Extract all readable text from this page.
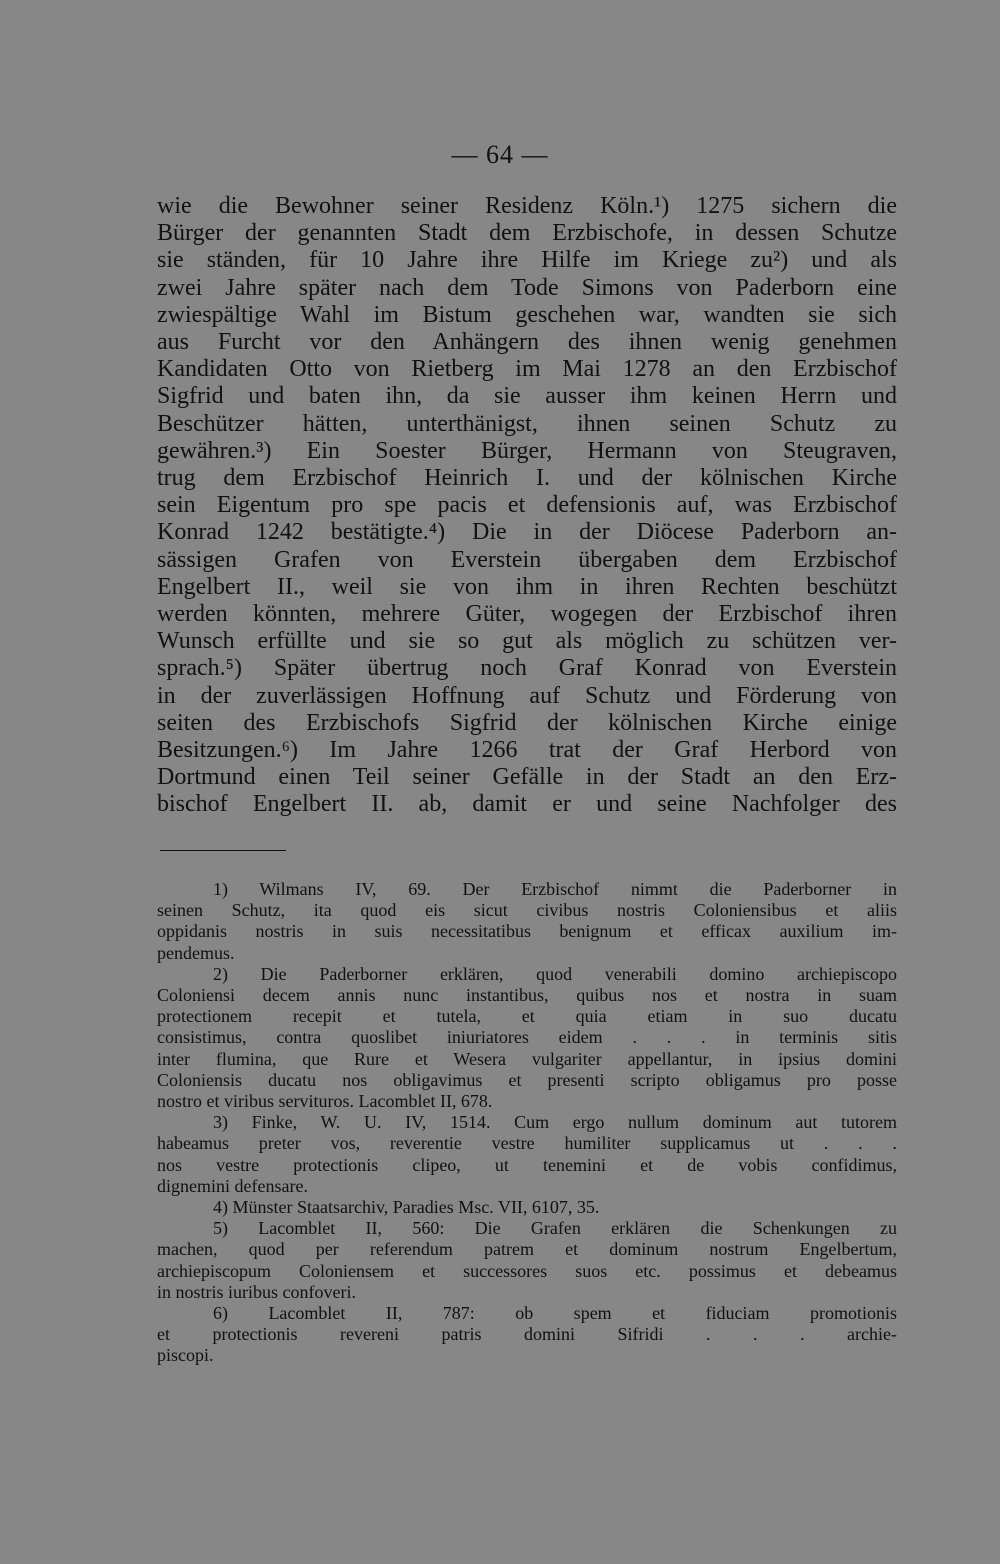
— 64 —
wie die Bewohner seiner Residenz Köln.¹) 1275 sichern die
Bürger der genannten Stadt dem Erzbischofe, in dessen Schutze
sie ständen, für 10 Jahre ihre Hilfe im Kriege zu²) und als
zwei Jahre später nach dem Tode Simons von Paderborn eine
zwiespältige Wahl im Bistum geschehen war, wandten sie sich
aus Furcht vor den Anhängern des ihnen wenig genehmen
Kandidaten Otto von Rietberg im Mai 1278 an den Erzbischof
Sigfrid und baten ihn, da sie ausser ihm keinen Herrn und
Beschützer hätten, unterthänigst, ihnen seinen Schutz zu
gewähren.³) Ein Soester Bürger, Hermann von Steugraven,
trug dem Erzbischof Heinrich I. und der kölnischen Kirche
sein Eigentum pro spe pacis et defensionis auf, was Erzbischof
Konrad 1242 bestätigte.⁴) Die in der Diöcese Paderborn an-
sässigen Grafen von Everstein übergaben dem Erzbischof
Engelbert II., weil sie von ihm in ihren Rechten beschützt
werden könnten, mehrere Güter, wogegen der Erzbischof ihren
Wunsch erfüllte und sie so gut als möglich zu schützen ver-
sprach.⁵) Später übertrug noch Graf Konrad von Everstein
in der zuverlässigen Hoffnung auf Schutz und Förderung von
seiten des Erzbischofs Sigfrid der kölnischen Kirche einige
Besitzungen.⁶) Im Jahre 1266 trat der Graf Herbord von
Dortmund einen Teil seiner Gefälle in der Stadt an den Erz-
bischof Engelbert II. ab, damit er und seine Nachfolger des
1) Wilmans IV, 69. Der Erzbischof nimmt die Paderborner in
seinen Schutz, ita quod eis sicut civibus nostris Coloniensibus et aliis
oppidanis nostris in suis necessitatibus benignum et efficax auxilium im-
pendemus.
2) Die Paderborner erklären, quod venerabili domino archiepiscopo
Coloniensi decem annis nunc instantibus, quibus nos et nostra in suam
protectionem recepit et tutela, et quia etiam in suo ducatu
consistimus, contra quoslibet iniuriatores eidem . . . in terminis sitis
inter flumina, que Rure et Wesera vulgariter appellantur, in ipsius domini
Coloniensis ducatu nos obligavimus et presenti scripto obligamus pro posse
nostro et viribus servituros. Lacomblet II, 678.
3) Finke, W. U. IV, 1514. Cum ergo nullum dominum aut tutorem
habeamus preter vos, reverentie vestre humiliter supplicamus ut . . .
nos vestre protectionis clipeo, ut tenemini et de vobis confidimus,
dignemini defensare.
4) Münster Staatsarchiv, Paradies Msc. VII, 6107, 35.
5) Lacomblet II, 560: Die Grafen erklären die Schenkungen zu
machen, quod per referendum patrem et dominum nostrum Engelbertum,
archiepiscopum Coloniensem et successores suos etc. possimus et debeamus
in nostris iuribus confoveri.
6) Lacomblet II, 787: ob spem et fiduciam promotionis
et protectionis revereni patris domini Sifridi . . . archie-
piscopi.
